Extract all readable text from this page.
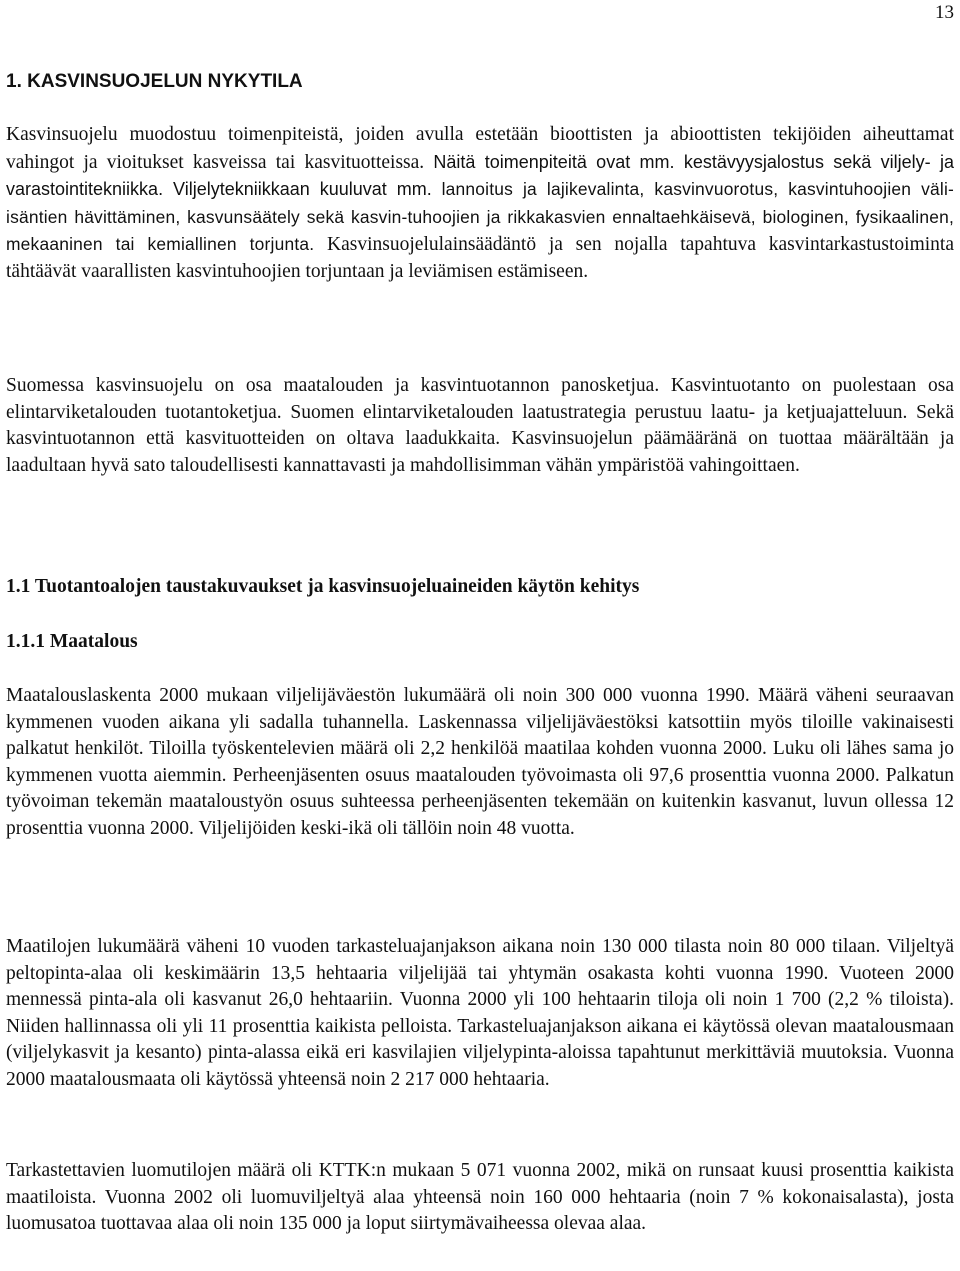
13
1. KASVINSUOJELUN NYKYTILA

Kasvinsuojelu muodostuu toimenpiteistä, joiden avulla estetään bioottisten ja abioottisten tekijöiden aiheuttamat vahingot ja vioitukset kasveissa tai kasvituotteissa. Näitä toimenpiteitä ovat mm. kestävyysjalostus sekä viljely- ja varastointitekniikka. Viljelytekniikkaan kuuluvat mm. lannoitus ja lajikevalinta, kasvinvuorotus, kasvintuhoojien väli-isäntien hävittäminen, kasvunsäätely sekä kasvin-tuhoojien ja rikkakasvien ennaltaehkäisevä, biologinen, fysikaalinen, mekaaninen tai kemiallinen torjunta. Kasvinsuojelulainsäädäntö ja sen nojalla tapahtuva kasvintarkastustoiminta tähtäävät vaarallisten kasvintuhoojien torjuntaan ja leviämisen estämiseen.

Suomessa kasvinsuojelu on osa maatalouden ja kasvintuotannon panosketjua. Kasvintuotanto on puolestaan osa elintarviketalouden tuotantoketjua. Suomen elintarviketalouden laatustrategia perustuu laatu- ja ketjuajatteluun. Sekä kasvintuotannon että kasvituotteiden on oltava laadukkaita. Kasvinsuojelun päämääränä on tuottaa määrältään ja laadultaan hyvä sato taloudellisesti kannattavasti ja mahdollisimman vähän ympäristöä vahingoittaen.

1.1 Tuotantoalojen taustakuvaukset ja kasvinsuojeluaineiden käytön kehitys
1.1.1 Maatalous

Maatalouslaskenta 2000 mukaan viljelijäväestön lukumäärä oli noin 300 000 vuonna 1990. Määrä väheni seuraavan kymmenen vuoden aikana yli sadalla tuhannella. Laskennassa viljelijäväestöksi katsottiin myös tiloille vakinaisesti palkatut henkilöt. Tiloilla työskentelevien määrä oli 2,2 henkilöä maatilaa kohden vuonna 2000. Luku oli lähes sama jo kymmenen vuotta aiemmin. Perheenjäsenten osuus maatalouden työvoimasta oli 97,6 prosenttia vuonna 2000. Palkatun työvoiman tekemän maataloustyön osuus suhteessa perheenjäsenten tekemään on kuitenkin kasvanut, luvun ollessa 12 prosenttia vuonna 2000. Viljelijöiden keski-ikä oli tällöin noin 48 vuotta.

Maatilojen lukumäärä väheni 10 vuoden tarkasteluajanjakson aikana noin 130 000 tilasta noin 80 000 tilaan. Viljeltyä peltopinta-alaa oli keskimäärin 13,5 hehtaaria viljelijää tai yhtymän osakasta kohti vuonna 1990. Vuoteen 2000 mennessä pinta-ala oli kasvanut 26,0 hehtaariin. Vuonna 2000 yli 100 hehtaarin tiloja oli noin 1 700 (2,2 % tiloista). Niiden hallinnassa oli yli 11 prosenttia kaikista pelloista. Tarkasteluajanjakson aikana ei käytössä olevan maatalousmaan (viljelykasvit ja kesanto) pinta-alassa eikä eri kasvilajien viljelypinta-aloissa tapahtunut merkittäviä muutoksia. Vuonna 2000 maatalousmaata oli käytössä yhteensä noin 2 217 000 hehtaaria.

Tarkastettavien luomutilojen määrä oli KTTK:n mukaan 5 071 vuonna 2002, mikä on runsaat kuusi prosenttia kaikista maatiloista. Vuonna 2002 oli luomuviljeltyä alaa yhteensä noin 160 000 hehtaaria (noin 7 % kokonaisalasta), josta luomusatoa tuottavaa alaa oli noin 135 000 ja loput siirtymävaiheessa olevaa alaa.
